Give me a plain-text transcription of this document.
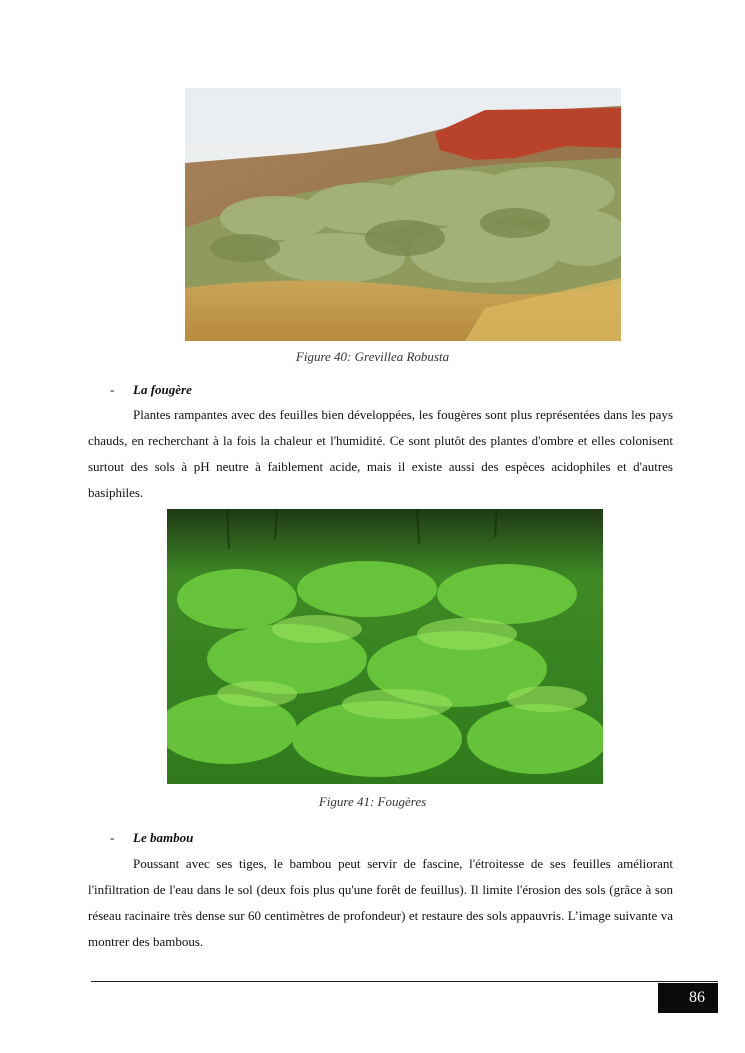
Figure 40: Grevillea Robusta
- La fougère

Plantes rampantes avec des feuilles bien développées, les fougères sont plus représentées dans les pays chauds, en recherchant à la fois la chaleur et l'humidité. Ce sont plutôt des plantes d'ombre et elles colonisent surtout des sols à pH neutre à faiblement acide, mais il existe aussi des espèces acidophiles et d'autres basiphiles.

Figure 41: Fougères
- Le bambou

Poussant avec ses tiges, le bambou peut servir de fascine, l'étroitesse de ses feuilles améliorant l'infiltration de l'eau dans le sol (deux fois plus qu'une forêt de feuillus). Il limite l'érosion des sols (grâce à son réseau racinaire très dense sur 60 centimètres de profondeur) et restaure des sols appauvris. L’image suivante va montrer des bambous.

86
